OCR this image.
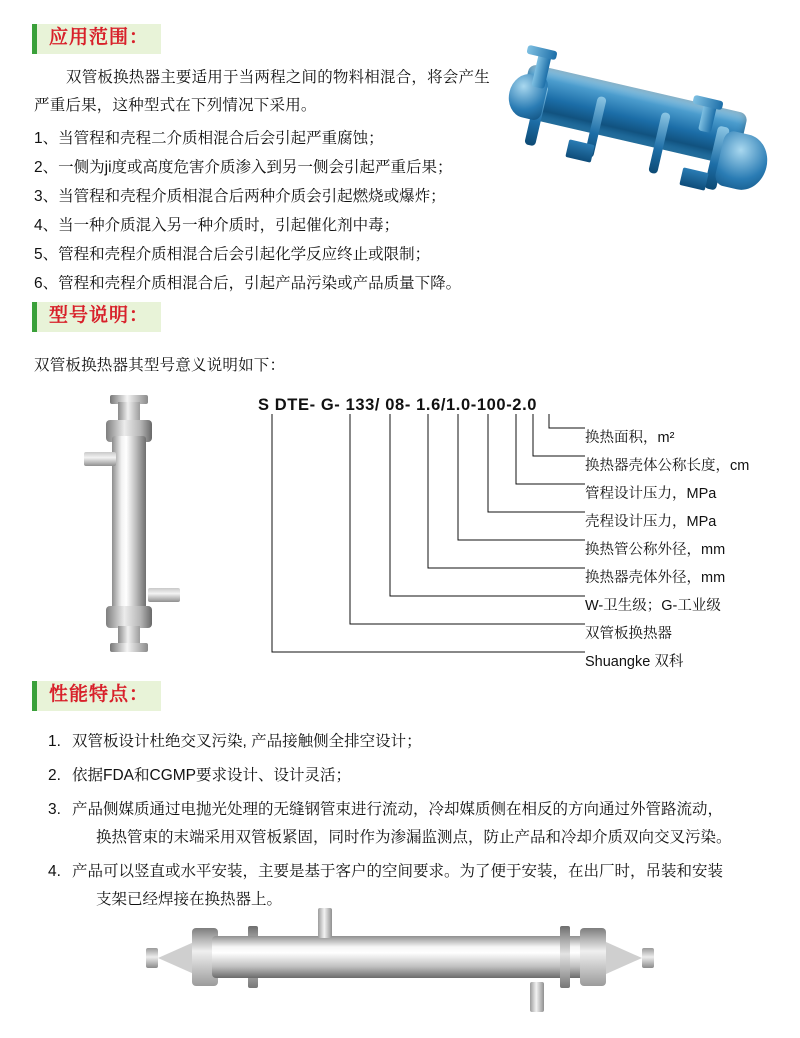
应用范围：
双管板换热器主要适用于当两程之间的物料相混合，将会产生严重后果，这种型式在下列情况下采用。
1、当管程和壳程二介质相混合后会引起严重腐蚀；
2、一侧为ji度或高度危害介质渗入到另一侧会引起严重后果；
3、当管程和壳程介质相混合后两种介质会引起燃烧或爆炸；
4、当一种介质混入另一种介质时，引起催化剂中毒；
5、管程和壳程介质相混合后会引起化学反应终止或限制；
6、管程和壳程介质相混合后，引起产品污染或产品质量下降。
型号说明：
双管板换热器其型号意义说明如下：
S DTE- G- 133/ 08- 1.6/1.0-100-2.0
换热面积，m²
换热器壳体公称长度，cm
管程设计压力，MPa
壳程设计压力，MPa
换热管公称外径，mm
换热器壳体外径，mm
W-卫生级；G-工业级
双管板换热器
Shuangke 双科
性能特点：
1. 双管板设计杜绝交叉污染, 产品接触侧全排空设计；
2. 依据FDA和CGMP要求设计、设计灵活；
3. 产品侧媒质通过电抛光处理的无缝钢管束进行流动，冷却媒质侧在相反的方向通过外管路流动，
换热管束的末端采用双管板紧固，同时作为渗漏监测点，防止产品和冷却介质双向交叉污染。
4. 产品可以竖直或水平安装，主要是基于客户的空间要求。为了便于安装，在出厂时，吊装和安装
支架已经焊接在换热器上。
